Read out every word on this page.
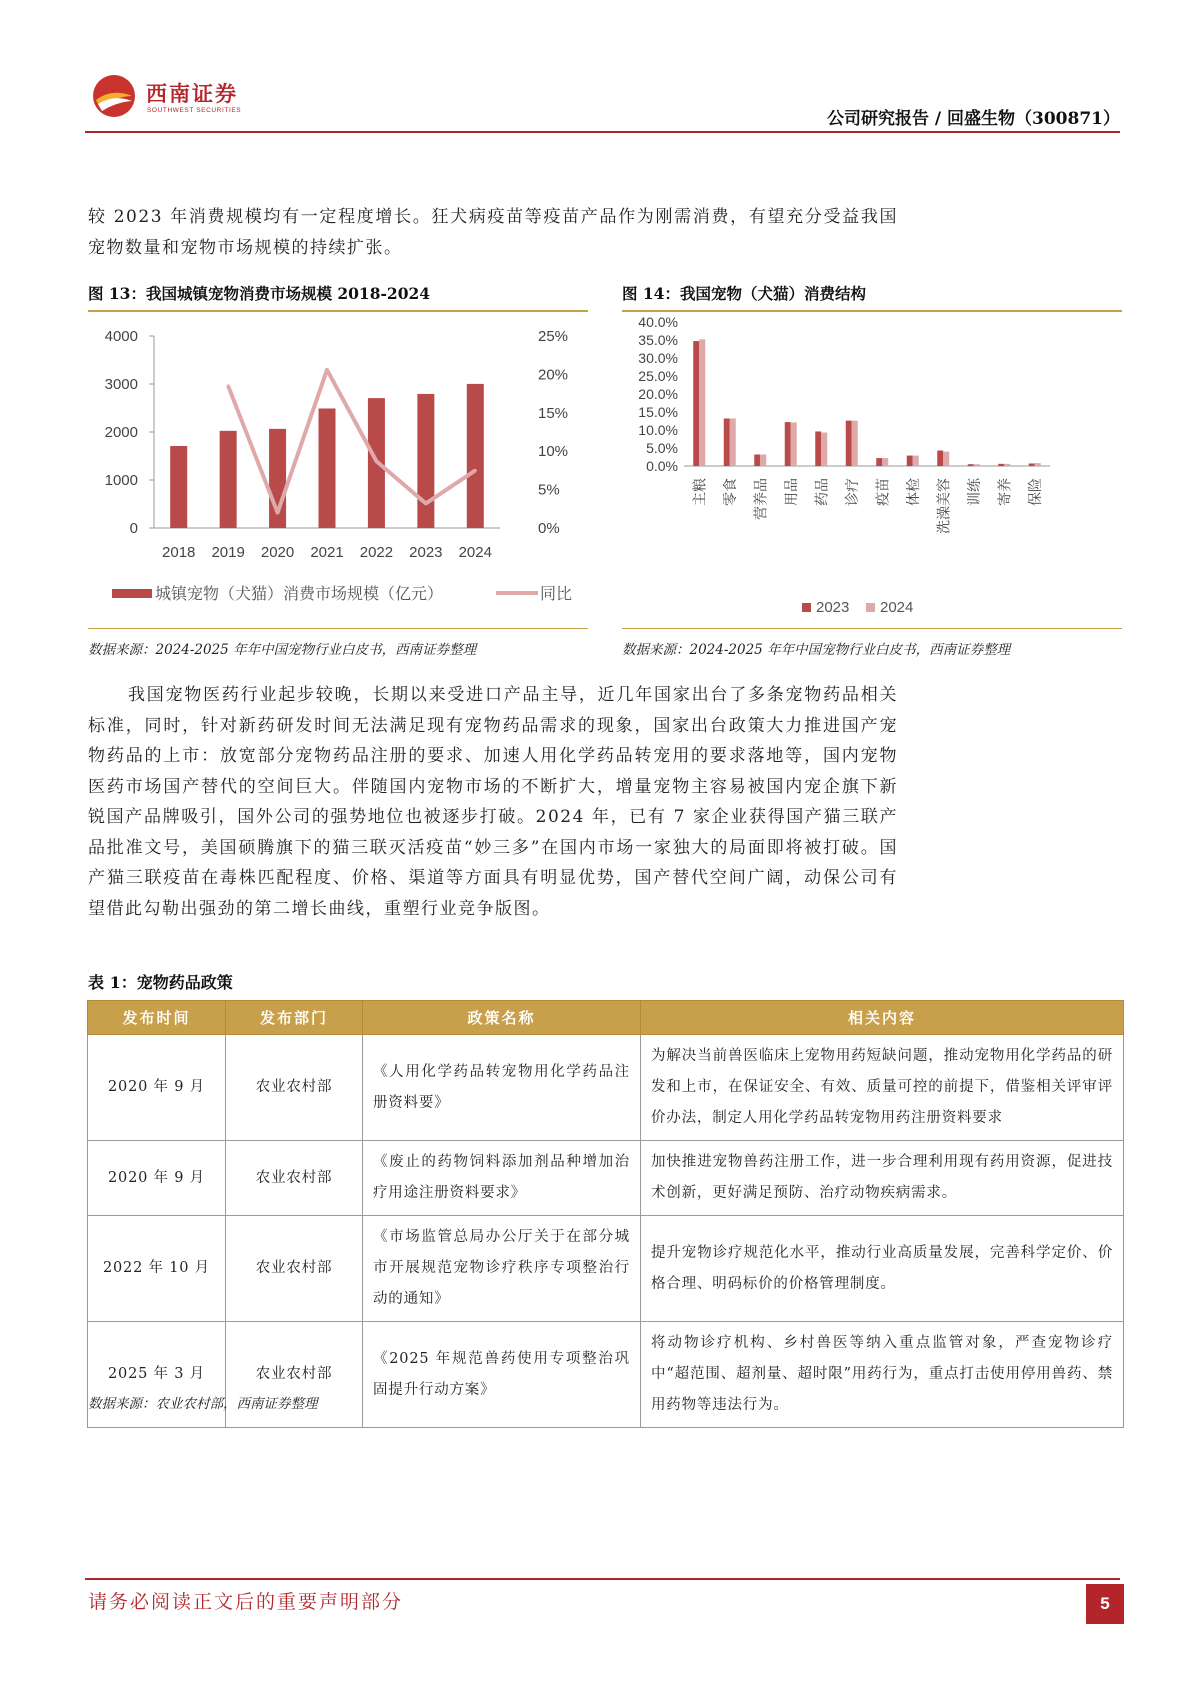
西南证券
SOUTHWEST SECURITIES	公司研究报告 / 回盛生物（300871）
较 2023 年消费规模均有一定程度增长。狂犬病疫苗等疫苗产品作为刚需消费，有望充分受益我国宠物数量和宠物市场规模的持续扩张。
图 13：我国城镇宠物消费市场规模 2018-2024
4000
3000
2000
1000
0
25%
20%
15%
10%
5%
0%
2018 2019 2020 2021 2022 2023 2024
城镇宠物（犬猫）消费市场规模（亿元）	同比
数据来源：2024-2025 年年中国宠物行业白皮书，西南证券整理
图 14：我国宠物（犬猫）消费结构
40.0%
35.0%
30.0%
25.0%
20.0%
15.0%
10.0%
5.0%
0.0%
主粮 零食 营养品 用品 药品 诊疗 疫苗 体检 洗澡美容 训练 寄养 保险
2023 2024
数据来源：2024-2025 年年中国宠物行业白皮书，西南证券整理
我国宠物医药行业起步较晚，长期以来受进口产品主导，近几年国家出台了多条宠物药品相关标准，同时，针对新药研发时间无法满足现有宠物药品需求的现象，国家出台政策大力推进国产宠物药品的上市：放宽部分宠物药品注册的要求、加速人用化学药品转宠用的要求落地等，国内宠物医药市场国产替代的空间巨大。伴随国内宠物市场的不断扩大，增量宠物主容易被国内宠企旗下新锐国产品牌吸引，国外公司的强势地位也被逐步打破。2024 年，已有 7 家企业获得国产猫三联产品批准文号，美国硕腾旗下的猫三联灭活疫苗“妙三多”在国内市场一家独大的局面即将被打破。国产猫三联疫苗在毒株匹配程度、价格、渠道等方面具有明显优势，国产替代空间广阔，动保公司有望借此勾勒出强劲的第二增长曲线，重塑行业竞争版图。
表 1：宠物药品政策
发布时间	发布部门	政策名称	相关内容
2020 年 9 月	农业农村部	《人用化学药品转宠物用化学药品注册资料要》	为解决当前兽医临床上宠物用药短缺问题，推动宠物用化学药品的研发和上市，在保证安全、有效、质量可控的前提下，借鉴相关评审评价办法，制定人用化学药品转宠物用药注册资料要求
2020 年 9 月	农业农村部	《废止的药物饲料添加剂品种增加治疗用途注册资料要求》	加快推进宠物兽药注册工作，进一步合理利用现有药用资源，促进技术创新，更好满足预防、治疗动物疾病需求。
2022 年 10 月	农业农村部	《市场监管总局办公厅关于在部分城市开展规范宠物诊疗秩序专项整治行动的通知》	提升宠物诊疗规范化水平，推动行业高质量发展，完善科学定价、价格合理、明码标价的价格管理制度。
2025 年 3 月	农业农村部	《2025 年规范兽药使用专项整治巩固提升行动方案》	将动物诊疗机构、乡村兽医等纳入重点监管对象，严查宠物诊疗中“超范围、超剂量、超时限”用药行为，重点打击使用停用兽药、禁用药物等违法行为。
数据来源：农业农村部，西南证券整理
请务必阅读正文后的重要声明部分	5
